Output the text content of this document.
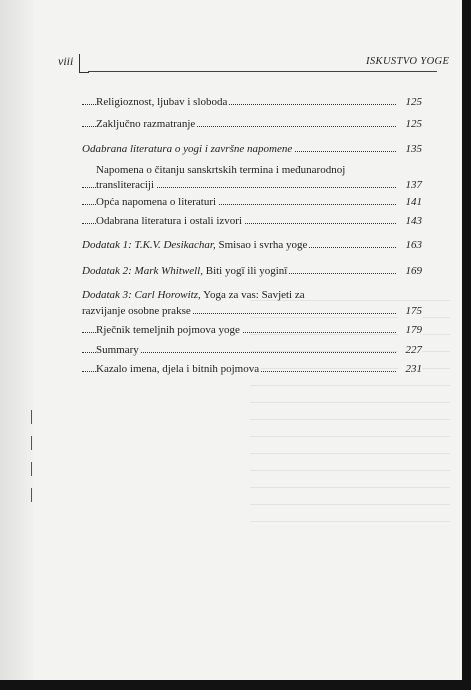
viii	ISKUSTVO YOGE
Religioznost, ljubav i sloboda	125
Zaključno razmatranje	125
Odabrana literatura o yogi i završne napomene	135
Napomena o čitanju sanskrtskih termina i međunarodnoj
transliteraciji	137
Opća napomena o literaturi	141
Odabrana literatura i ostali izvori	143
Dodatak 1: T.K.V. Desikachar, Smisao i svrha yoge	163
Dodatak 2: Mark Whitwell, Biti yogī ili yoginī	169
Dodatak 3: Carl Horowitz, Yoga za vas: Savjeti za
razvijanje osobne prakse	175
Rječnik temeljnih pojmova yoge	179
Summary	227
Kazalo imena, djela i bitnih pojmova	231
